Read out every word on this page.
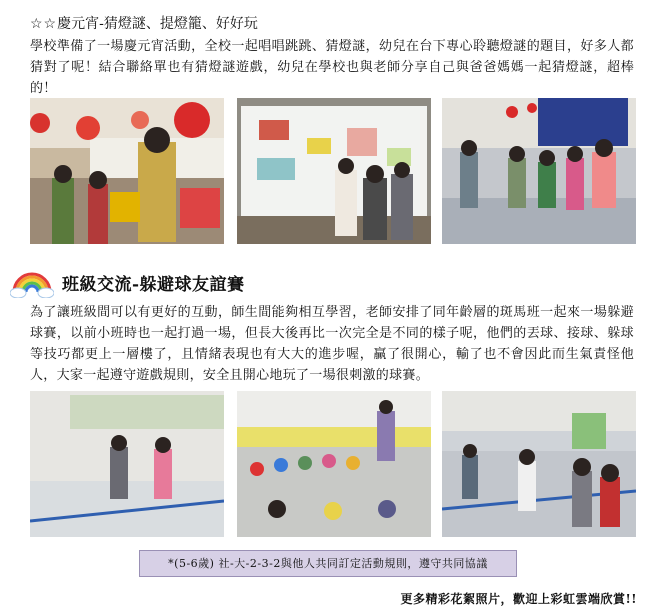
☆☆慶元宵-猜燈謎、提燈籠、好好玩
學校準備了一場慶元宵活動，全校一起唱唱跳跳、猜燈謎，幼兒在台下專心聆聽燈謎的題目，好多人都猜對了呢！結合聯絡單也有猜燈謎遊戲，幼兒在學校也與老師分享自己與爸爸媽媽一起猜燈謎，超棒的！
班級交流-躲避球友誼賽
為了讓班級間可以有更好的互動，師生間能夠相互學習，老師安排了同年齡層的斑馬班一起來一場躲避球賽，以前小班時也一起打過一場，但長大後再比一次完全是不同的樣子呢，他們的丟球、接球、躲球等技巧都更上一層樓了，且情緒表現也有大大的進步喔，贏了很開心，輸了也不會因此而生氣責怪他人，大家一起遵守遊戲規則，安全且開心地玩了一場很刺激的球賽。
*(5-6歲) 社-大-2-3-2與他人共同訂定活動規則，遵守共同協議
更多精彩花絮照片，歡迎上彩虹雲端欣賞!!
